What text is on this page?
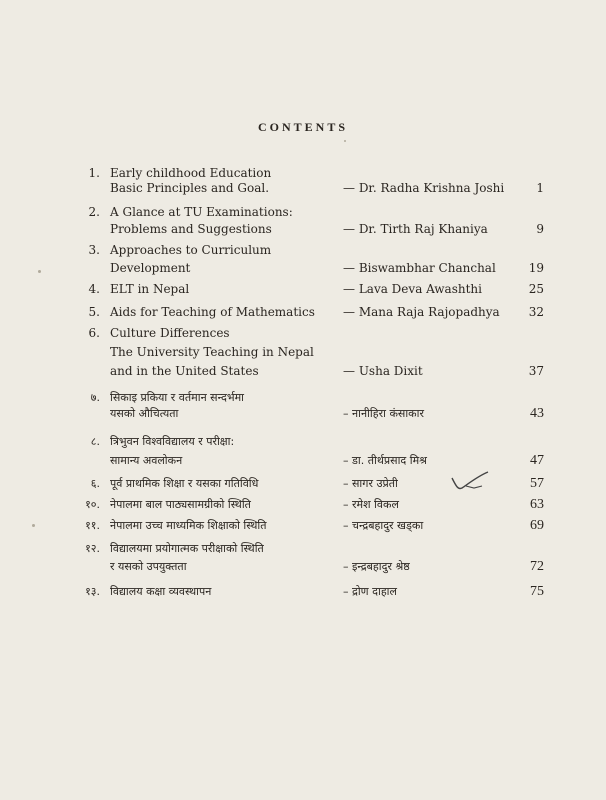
CONTENTS
1. Early childhood Education
Basic Principles and Goal.	— Dr. Radha Krishna Joshi	1
2. A Glance at TU Examinations:
Problems and Suggestions	— Dr. Tirth Raj Khaniya	9
3. Approaches to Curriculum
Development	— Biswambhar Chanchal	19
4. ELT in Nepal	— Lava Deva Awashthi	25
5. Aids for Teaching of Mathematics — Mana Raja Rajopadhya	32
6. Culture Differences
The University Teaching in Nepal
and in the United States	— Usha Dixit	37
७. सिकाइ प्रकिया र वर्तमान सन्दर्भमा
यसको औचित्यता	– नानीहिरा कंसाकार	43
८. त्रिभुवन विश्वविद्यालय र परीक्षा:
सामान्य अवलोकन	– डा. तीर्थप्रसाद मिश्र	47
६. पूर्व प्राथमिक शिक्षा र यसका गतिविधि	– सागर उप्रेती	57
१०. नेपालमा बाल पाठ्यसामग्रीको स्थिति	– रमेश विकल	63
११. नेपालमा उच्च माध्यमिक शिक्षाको स्थिति	– चन्द्रबहादुर खड्का	69
१२. विद्यालयमा प्रयोगात्मक परीक्षाको स्थिति
र यसको उपयुक्तता	– इन्द्रबहादुर श्रेष्ठ	72
१३. विद्यालय कक्षा व्यवस्थापन	– द्रोण दाहाल	75
